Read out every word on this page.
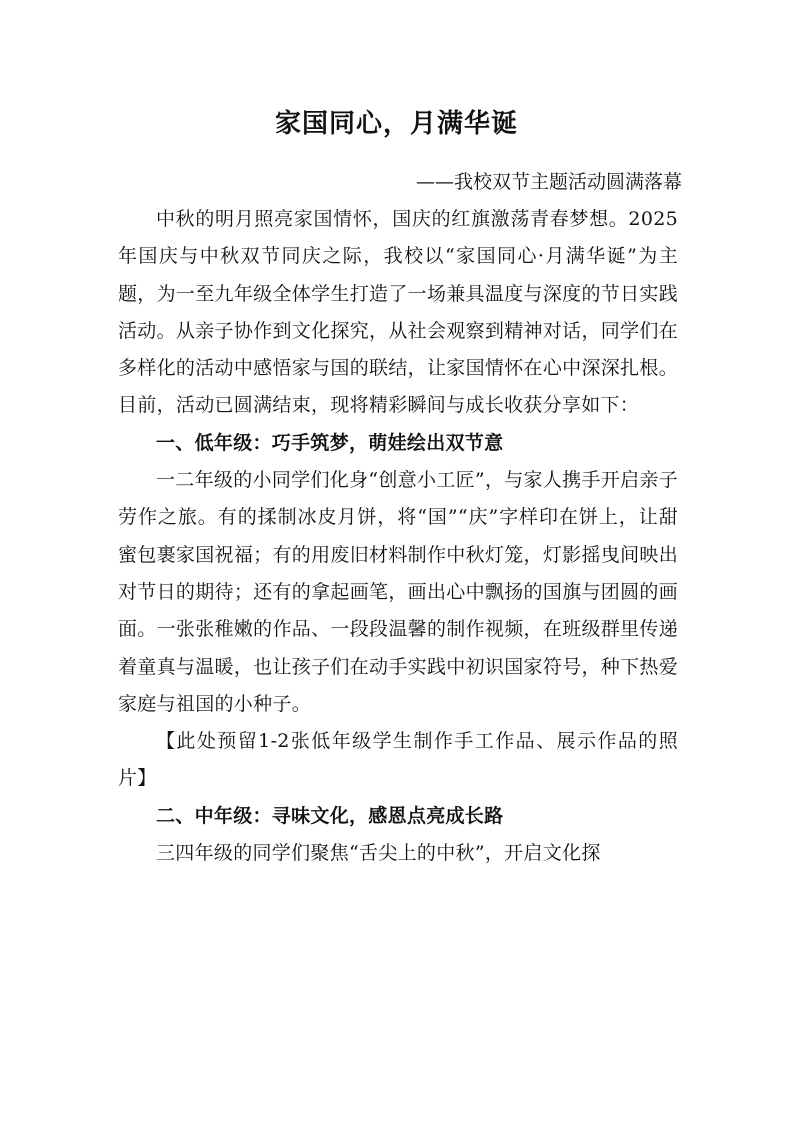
家国同心，月满华诞

——我校双节主题活动圆满落幕

中秋的明月照亮家国情怀，国庆的红旗激荡青春梦想。2025年国庆与中秋双节同庆之际，我校以“家国同心·月满华诞”为主题，为一至九年级全体学生打造了一场兼具温度与深度的节日实践活动。从亲子协作到文化探究，从社会观察到精神对话，同学们在多样化的活动中感悟家与国的联结，让家国情怀在心中深深扎根。目前，活动已圆满结束，现将精彩瞬间与成长收获分享如下：

一、低年级：巧手筑梦，萌娃绘出双节意

一二年级的小同学们化身“创意小工匠”，与家人携手开启亲子劳作之旅。有的揉制冰皮月饼，将“国”“庆”字样印在饼上，让甜蜜包裹家国祝福；有的用废旧材料制作中秋灯笼，灯影摇曳间映出对节日的期待；还有的拿起画笔，画出心中飘扬的国旗与团圆的画面。一张张稚嫩的作品、一段段温馨的制作视频，在班级群里传递着童真与温暖，也让孩子们在动手实践中初识国家符号，种下热爱家庭与祖国的小种子。

【此处预留1-2张低年级学生制作手工作品、展示作品的照片】

二、中年级：寻味文化，感恩点亮成长路

三四年级的同学们聚焦“舌尖上的中秋”，开启文化探
